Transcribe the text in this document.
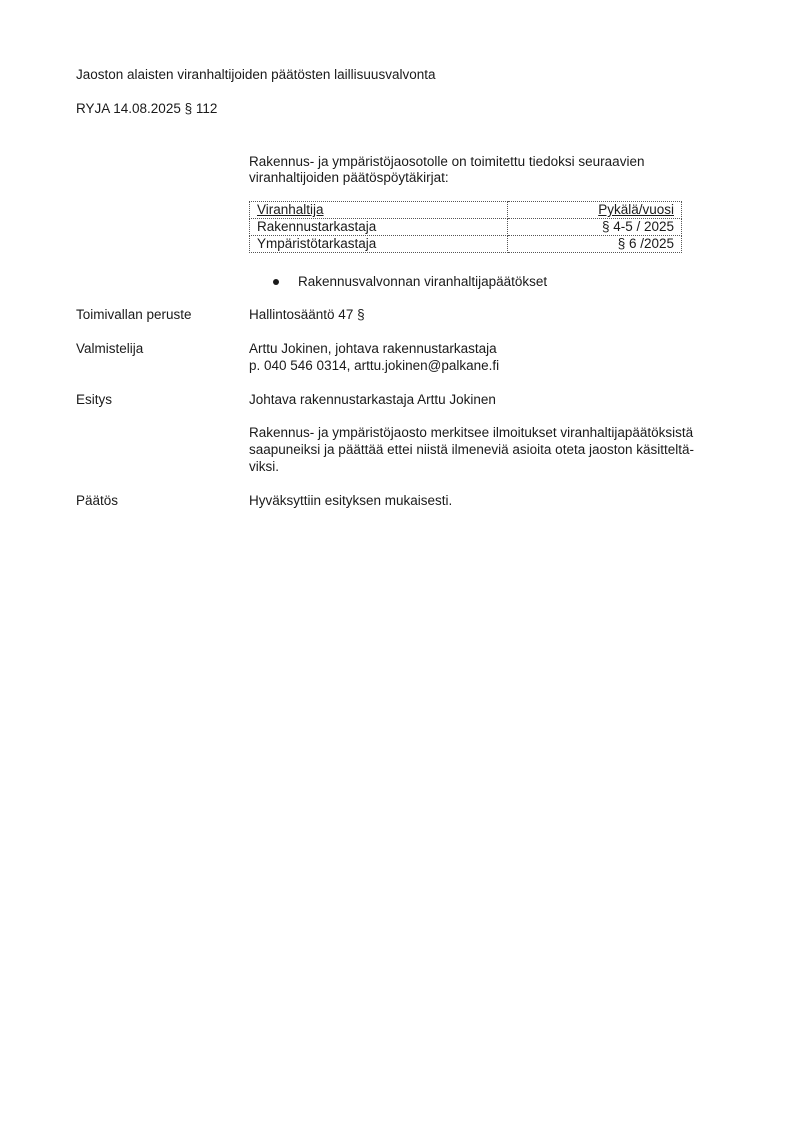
Jaoston alaisten viranhaltijoiden päätösten laillisuusvalvonta
RYJA 14.08.2025 § 112
Rakennus- ja ympäristöjaosotolle on toimitettu tiedoksi seuraavien
viranhaltijoiden päätöspöytäkirjat:
Viranhaltija	Pykälä/vuosi
Rakennustarkastaja	§ 4-5 / 2025
Ympäristötarkastaja	§ 6 /2025
Rakennusvalvonnan viranhaltijapäätökset
Toimivallan peruste	Hallintosääntö 47 §
Valmistelija	Arttu Jokinen, johtava rakennustarkastaja
p. 040 546 0314, arttu.jokinen@palkane.fi
Esitys	Johtava rakennustarkastaja Arttu Jokinen
Rakennus- ja ympäristöjaosto merkitsee ilmoitukset viranhaltijapäätöksistä
saapuneiksi ja päättää ettei niistä ilmeneviä asioita oteta jaoston käsitteltä-
viksi.
Päätös	Hyväksyttiin esityksen mukaisesti.
